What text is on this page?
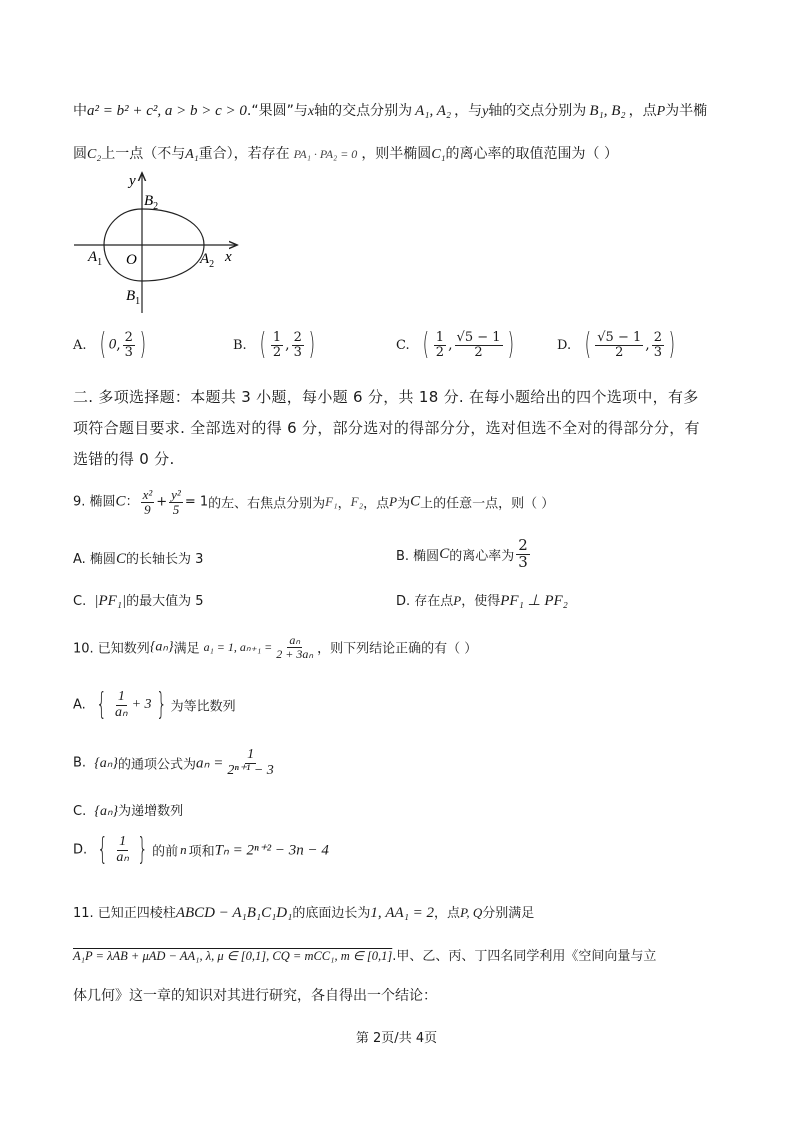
中a² = b² + c², a > b > c > 0.“果圆”与x轴的交点分别为 A₁, A₂ ，与y轴的交点分别为 B₁, B₂ ，点P为半椭
圆C₂上一点（不与A₁重合），若存在 PA₁ · PA₂ = 0 ，则半椭圆C₁的离心率的取值范围为（ ）
y
x
O
$B_2$
$B_1$
$A_1$	$A_2$
A. ( 0, $\frac{2}{3}$ )	B. ( $\frac{1}{2}$ , $\frac{2}{3}$ )	C. ( $\frac{1}{2}$ , $\frac{√5 - 1}{2}$ )	D. ( $\frac{√5 - 1}{2}$ , $\frac{2}{3}$ )
二. 多项选择题：本题共 3 小题，每小题 6 分，共 18 分. 在每小题给出的四个选项中，有多
项符合题目要求. 全部选对的得 6 分，部分选对的得部分分，选对但选不全对的得部分分，有
选错的得 0 分.
9. 椭圆C： $\frac{\text{x²}}{9} + \frac{\text{y²}}{5} = 1$的左、右焦点分别为F₁，F₂，点P为C上的任意一点，则（ ）
A. 椭圆C的长轴长为 3	B. 椭圆C的离心率为 $\frac{2}{3}$
C. |PF₁|的最大值为 5	D. 存在点P，使得PF₁ ⊥ PF₂
10. 已知数列{aₙ}满足 a₁ = 1, $a_{n+1} = \frac{\text{aₙ}}{\text{2 + 3aₙ}}$ ，则下列结论正确的有（ ）
A. { $\frac{1}{\text{aₙ}} + 3$ } 为等比数列
B. {aₙ}的通项公式为$a_n = \frac{1}{\text{2ⁿ⁺¹ − 3}}$
C. {aₙ}为递增数列
D. { $\frac{1}{\text{aₙ}}$ } 的前 n 项和Tₙ = 2ⁿ⁺² − 3n − 4
11. 已知正四棱柱ABCD − A₁B₁C₁D₁的底面边长为1, AA₁ = 2，点P, Q分别满足
A₁P = λAB + μAD − AA₁, λ, μ ∈ [0,1], CQ = mCC₁, m ∈ [0,1].甲、乙、丙、丁四名同学利用《空间向量与立
体几何》这一章的知识对其进行研究，各自得出一个结论：
第 2页/共 4页
